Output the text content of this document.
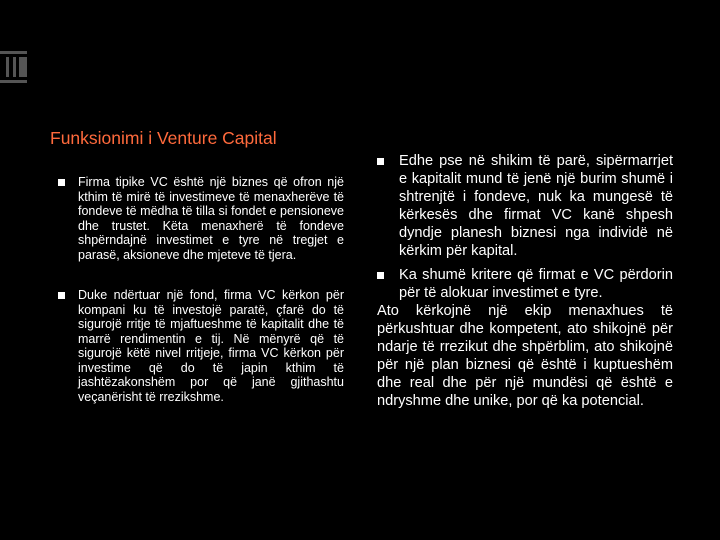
Funksionimi i Venture Capital
Firma tipike VC është një biznes që ofron një kthim të mirë të investimeve të menaxherëve të fondeve të mëdha të tilla si fondet e pensioneve dhe trustet. Këta menaxherë të fondeve shpërndajnë investimet e tyre në tregjet e parasë, aksioneve dhe mjeteve të tjera.
Duke ndërtuar një fond, firma VC kërkon për kompani ku të investojë paratë, çfarë do të sigurojë rritje të mjaftueshme të kapitalit dhe të marrë rendimentin e tij. Në mënyrë që të sigurojë këtë nivel rritjeje, firma VC kërkon për investime që do të japin kthim të jashtëzakonshëm por që janë gjithashtu veçanërisht të rrezikshme.
Edhe pse në shikim të parë, sipërmarrjet e kapitalit mund të jenë një burim shumë i shtrenjtë i fondeve, nuk ka mungesë të kërkesës dhe firmat VC kanë shpesh dyndje planesh biznesi nga individë në kërkim për kapital.
Ka shumë kritere që firmat e VC përdorin për të alokuar investimet e tyre.
Ato kërkojnë një ekip menaxhues të përkushtuar dhe kompetent, ato shikojnë për ndarje të rrezikut dhe shpërblim, ato shikojnë për një plan biznesi që është i kuptueshëm dhe real dhe për një mundësi që është e ndryshme dhe unike, por që ka potencial.
